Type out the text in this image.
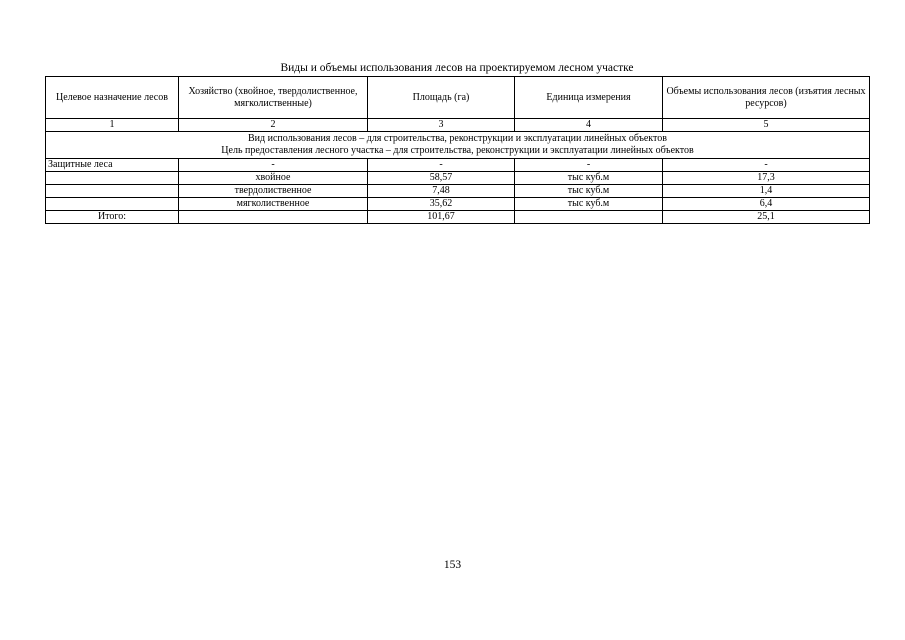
Виды и объемы использования лесов на проектируемом лесном участке
Целевое назначение лесов	Хозяйство (хвойное, твердолиственное, мягколиственные)	Площадь (га)	Единица измерения	Объемы использования лесов (изъятия лесных ресурсов)
1	2	3	4	5

Вид использования лесов – для строительства, реконструкции и эксплуатации линейных объектов
Цель предоставления лесного участка – для строительства, реконструкции и эксплуатации линейных объектов				

Защитные леса	-	-	-	-
	хвойное	58,57	тыс куб.м	17,3
	твердолиственное	7,48	тыс куб.м	1,4
	мягколиственное	35,62	тыс куб.м	6,4
Итого:		101,67		25,1
153
